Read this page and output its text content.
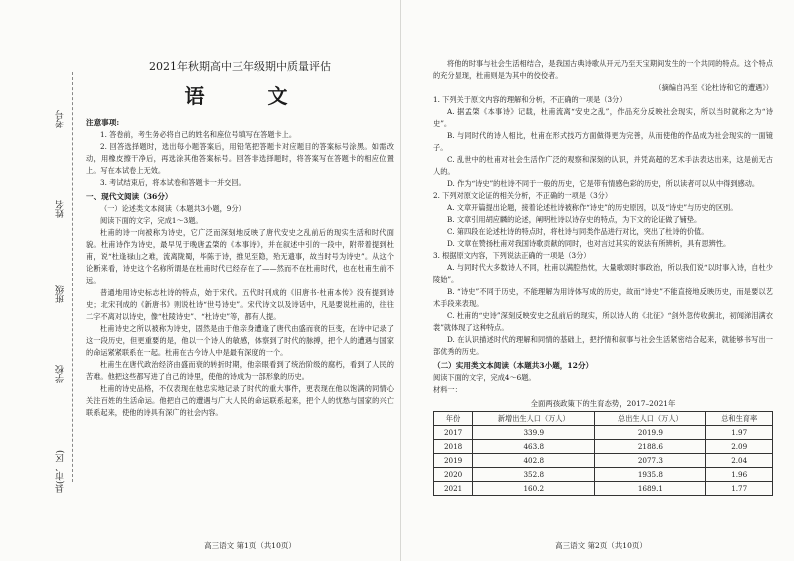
考号
姓名
班级
学校
县(市、区)

2021年秋期高中三年级期中质量评估

语 文

注意事项:

1. 答卷前，考生务必将自己的姓名和座位号填写在答题卡上。

2. 回答选择题时，选出每小题答案后，用铅笔把答题卡对应题目的答案标号涂黑。如需改动，用橡皮擦干净后，再选涂其他答案标号。回答非选择题时，将答案写在答题卡的相应位置上。写在本试卷上无效。

3. 考试结束后，将本试卷和答题卡一并交回。

一、现代文阅读（36分）

（一）论述类文本阅读（本题共3小题，9分）

阅读下面的文字，完成1～3题。

杜甫的诗一向被称为诗史，它广泛而深刻地反映了唐代安史之乱前后的现实生活和时代面貌。杜甫诗作为诗史，最早见于晚唐孟棨的《本事诗》，并在叙述中引的一段中，附带着提到杜甫，说“杜逢禄山之难，流离陇蜀，毕陈于诗，推见至隐，殆无遗事，故当时号为诗史”。从这个论断来看，诗史这个名称所谓是在杜甫时代已经存在了——然而不在杜甫时代，也在杜甫生前不远。

普通地用诗史标志杜诗的特点，始于宋代。五代时刊成的《旧唐书·杜甫本传》没有提到诗史；北宋刊成的《新唐书》则说杜诗“世号诗史”。宋代诗文以及诗话中，凡是要说杜甫的，往往二字不离对以诗史，像“杜陵诗史”、“杜诗史”等，都有人提。

杜甫诗史之所以被称为诗史，固然是由于他亲身遭逢了唐代由盛而衰的巨变，在诗中记录了这一段历史，但更重要的是，他以一个诗人的敏感，体察到了时代的脉搏，把个人的遭遇与国家的命运紧紧联系在一起。杜甫在古今诗人中是最有深度的一个。

杜甫生在唐代政治经济由盛而衰的转折时期，他亲眼看到了统治阶级的腐朽，看到了人民的苦难。他把这些都写进了自己的诗里，使他的诗成为一部形象的历史。

杜甫的诗史品格，不仅表现在他忠实地记录了时代的重大事件，更表现在他以饱满的同情心关注百姓的生活命运。他把自己的遭遇与广大人民的命运联系起来，把个人的忧愁与国家的兴亡联系起来，使他的诗具有深广的社会内容。

高三语文 第1页（共10页）

将他的时事与社会生活相结合，是我国古典诗歌从开元乃至天宝期间发生的一个共同的特点。这个特点的充分显现，杜甫则是为其中的佼佼者。

（摘编自冯至《论杜诗和它的遭遇》）

1. 下列关于原文内容的理解和分析，不正确的一项是（3分）

A. 据孟棨《本事诗》记载，杜甫流离“安史之乱”，作品充分反映社会现实，所以当时就称之为“诗史”。

B. 与同时代的诗人相比，杜甫在形式技巧方面做得更为完善，从而使他的作品成为社会现实的一面镜子。

C. 乱世中的杜甫对社会生活作广泛的观察和深刻的认识，并凭高超的艺术手法表达出来，这是前无古人的。

D. 作为“诗史”的杜诗不同于一般的历史，它是带有情感色彩的历史，所以读者可以从中得到感动。

2. 下列对原文论证的相关分析，不正确的一项是（3分）

A. 文章开篇提出论题，接着论述杜诗被称作“诗史”的历史原因，以及“诗史”与历史的区别。

B. 文章引用胡应麟的论述，阐明杜诗以诗存史的特点，为下文的论证做了铺垫。

C. 第四段在论述杜诗的特点时，将杜诗与同类作品进行对比，突出了杜诗的价值。

D. 文章在赞扬杜甫对我国诗歌贡献的同时，也对言过其实的说法有所辨析，具有思辨性。

3. 根据原文内容，下列说法正确的一项是（3分）

A. 与同时代大多数诗人不同，杜甫以满腔热忱，大量歌颂时事政治，所以我们说“以时事入诗，自杜少陵始”。

B. “诗史”不同于历史，不能理解为用诗体写成的历史，故而“诗史”不能直接地反映历史，而是要以艺术手段来表现。

C. 杜甫的“史诗”深刻反映安史之乱前后的现实，所以诗人的《北征》“剑外忽传收蓟北，初闻涕泪满衣裳”就体现了这种特点。

D. 在认识描述时代的理解和同情的基础上，把抒情和叙事与社会生活紧密结合起来，就能够书写出一部优秀的历史。

（二）实用类文本阅读（本题共3小题，12分）

阅读下面的文字，完成4～6题。

材料一：

全面两孩政策下的生育态势，2017–2021年

年份	新增出生人口（万人）	总出生人口（万人）	总和生育率
2017	339.9	2019.9	1.97
2018	463.8	2188.6	2.09
2019	402.8	2077.3	2.04
2020	352.8	1935.8	1.96
2021	160.2	1689.1	1.77
高三语文 第2页（共10页）
